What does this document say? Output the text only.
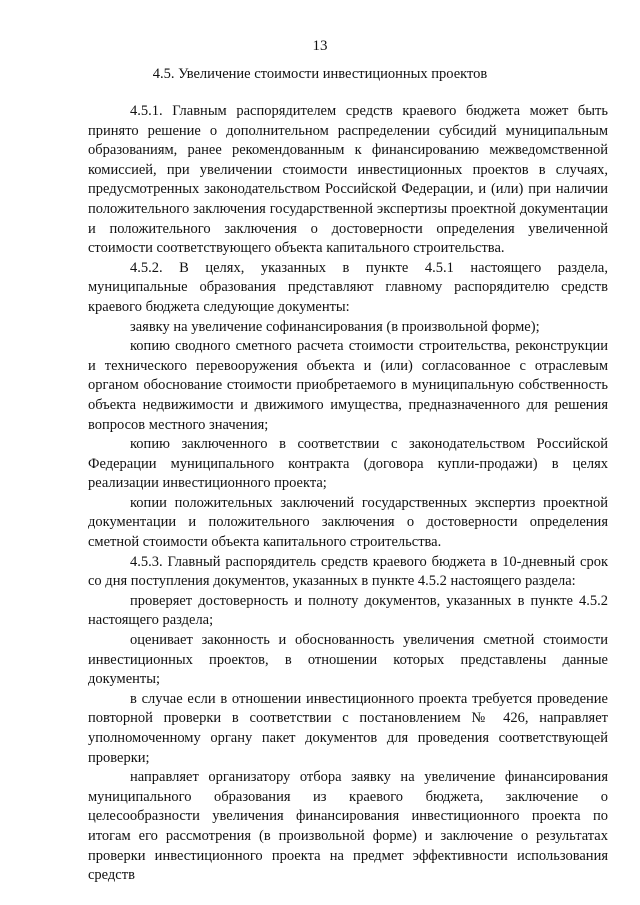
13
4.5. Увеличение стоимости инвестиционных проектов

4.5.1. Главным распорядителем средств краевого бюджета может быть принято решение о дополнительном распределении субсидий муниципальным образованиям, ранее рекомендованным к финансированию межведомственной комиссией, при увеличении стоимости инвестиционных проектов в случаях, предусмотренных законодательством Российской Федерации, и (или) при наличии положительного заключения государственной экспертизы проектной документации и положительного заключения о достоверности определения увеличенной стоимости соответствующего объекта капитального строительства.

4.5.2. В целях, указанных в пункте 4.5.1 настоящего раздела, муниципальные образования представляют главному распорядителю средств краевого бюджета следующие документы:

заявку на увеличение софинансирования (в произвольной форме);

копию сводного сметного расчета стоимости строительства, реконструкции и технического перевооружения объекта и (или) согласованное с отраслевым органом обоснование стоимости приобретаемого в муниципальную собственность объекта недвижимости и движимого имущества, предназначенного для решения вопросов местного значения;

копию заключенного в соответствии с законодательством Российской Федерации муниципального контракта (договора купли-продажи) в целях реализации инвестиционного проекта;

копии положительных заключений государственных экспертиз проектной документации и положительного заключения о достоверности определения сметной стоимости объекта капитального строительства.

4.5.3. Главный распорядитель средств краевого бюджета в 10-дневный срок со дня поступления документов, указанных в пункте 4.5.2 настоящего раздела:

проверяет достоверность и полноту документов, указанных в пункте 4.5.2 настоящего раздела;

оценивает законность и обоснованность увеличения сметной стоимости инвестиционных проектов, в отношении которых представлены данные документы;

в случае если в отношении инвестиционного проекта требуется проведение повторной проверки в соответствии с постановлением № 426, направляет уполномоченному органу пакет документов для проведения соответствующей проверки;

направляет организатору отбора заявку на увеличение финансирования муниципального образования из краевого бюджета, заключение о целесообразности увеличения финансирования инвестиционного проекта по итогам его рассмотрения (в произвольной форме) и заключение о результатах проверки инвестиционного проекта на предмет эффективности использования средств
